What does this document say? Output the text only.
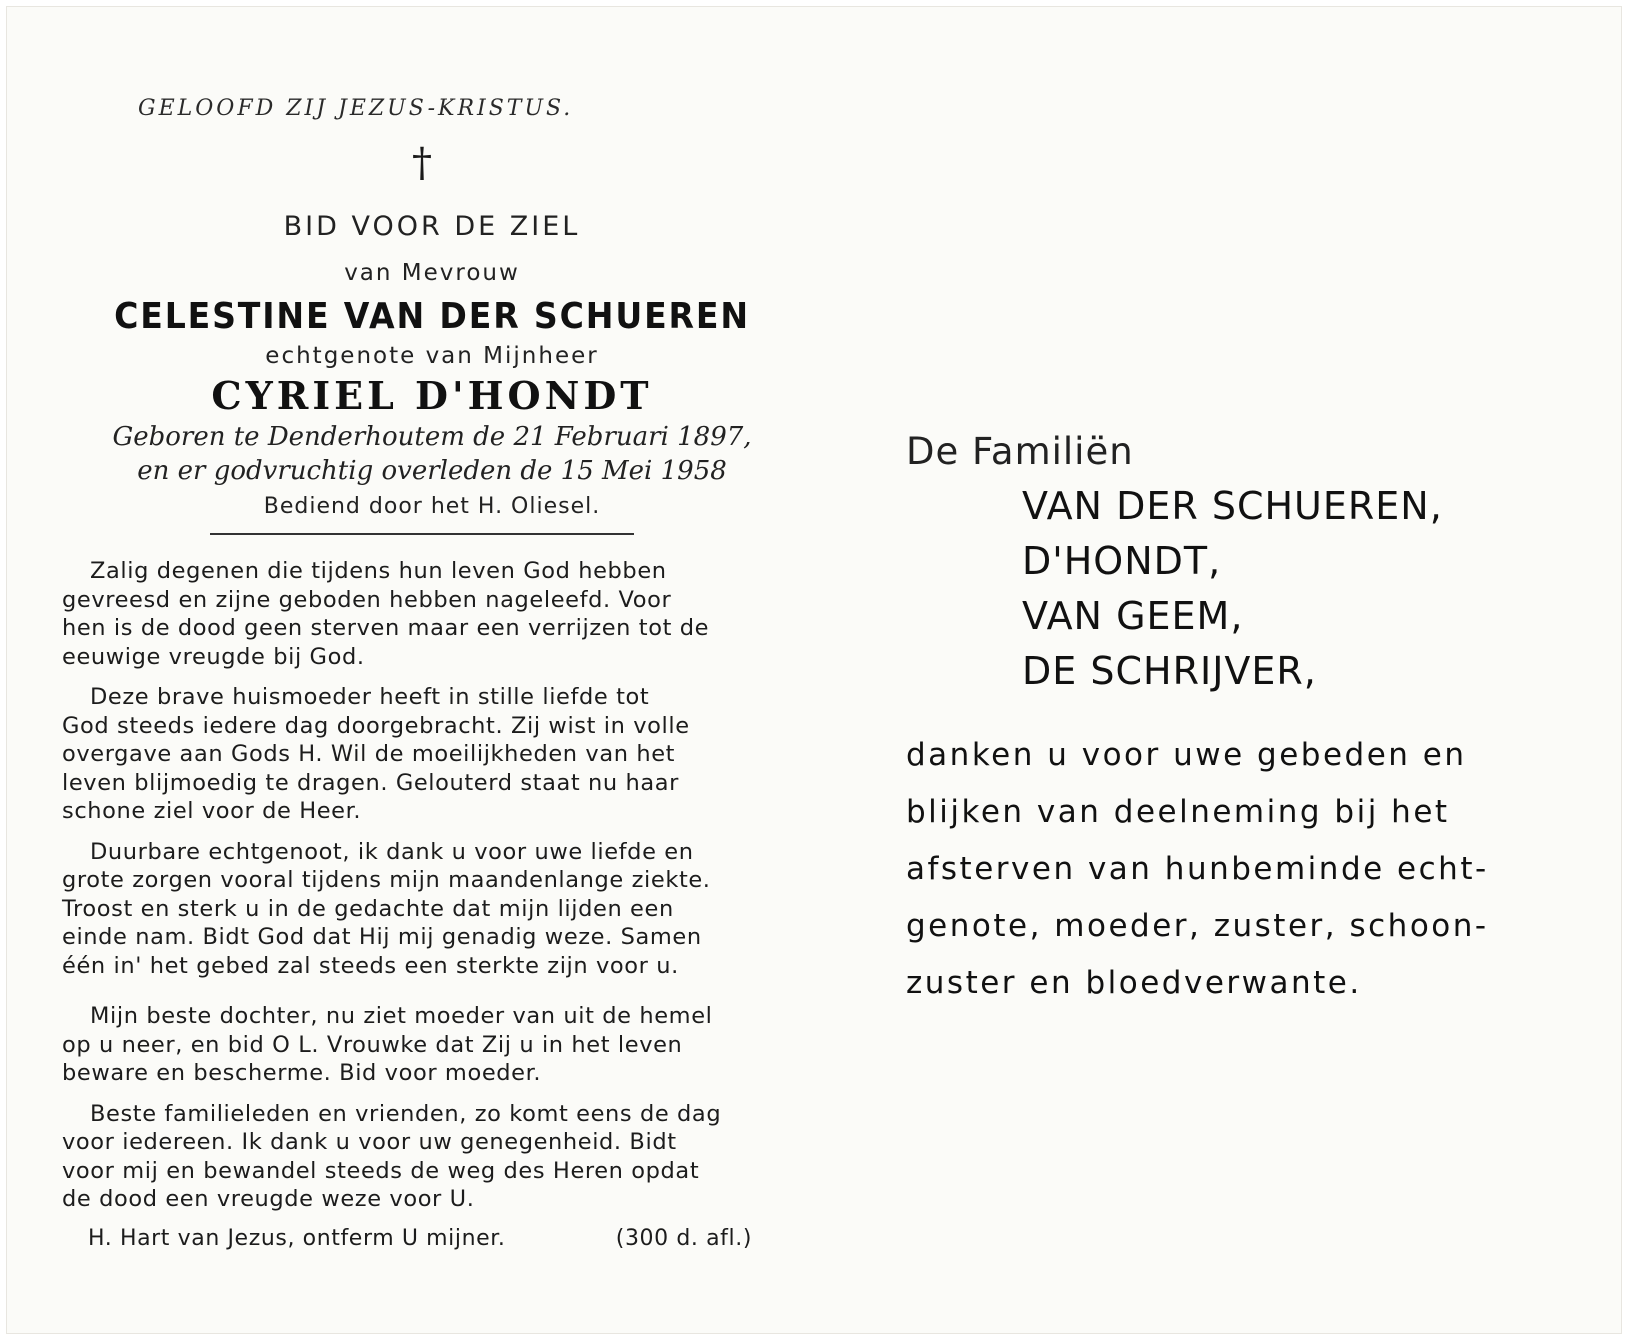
GELOOFD ZIJ JEZUS-KRISTUS.
†
BID VOOR DE ZIEL
van Mevrouw
CELESTINE VAN DER SCHUEREN
echtgenote van Mijnheer
CYRIEL D'HONDT
Geboren te Denderhoutem de 21 Februari 1897,
en er godvruchtig overleden de 15 Mei 1958
Bediend door het H. Oliesel.

Zalig degenen die tijdens hun leven God hebben
gevreesd en zijne geboden hebben nageleefd. Voor
hen is de dood geen sterven maar een verrijzen tot de
eeuwige vreugde bij God.

Deze brave huismoeder heeft in stille liefde tot
God steeds iedere dag doorgebracht. Zij wist in volle
overgave aan Gods H. Wil de moeilijkheden van het
leven blijmoedig te dragen. Gelouterd staat nu haar
schone ziel voor de Heer.

Duurbare echtgenoot, ik dank u voor uwe liefde en
grote zorgen vooral tijdens mijn maandenlange ziekte.
Troost en sterk u in de gedachte dat mijn lijden een
einde nam. Bidt God dat Hij mij genadig weze. Samen
één in' het gebed zal steeds een sterkte zijn voor u.

Mijn beste dochter, nu ziet moeder van uit de hemel
op u neer, en bid O L. Vrouwke dat Zij u in het leven
beware en bescherme. Bid voor moeder.

Beste familieleden en vrienden, zo komt eens de dag
voor iedereen. Ik dank u voor uw genegenheid. Bidt
voor mij en bewandel steeds de weg des Heren opdat
de dood een vreugde weze voor U.

H. Hart van Jezus, ontferm U mijner.	(300 d. afl.)
De Familiën
VAN DER SCHUEREN,
D'HONDT,
VAN GEEM,
DE SCHRIJVER,
danken u voor uwe gebeden en
blijken van deelneming bij het
afsterven van hunbeminde echt-
genote, moeder, zuster, schoon-
zuster en bloedverwante.
